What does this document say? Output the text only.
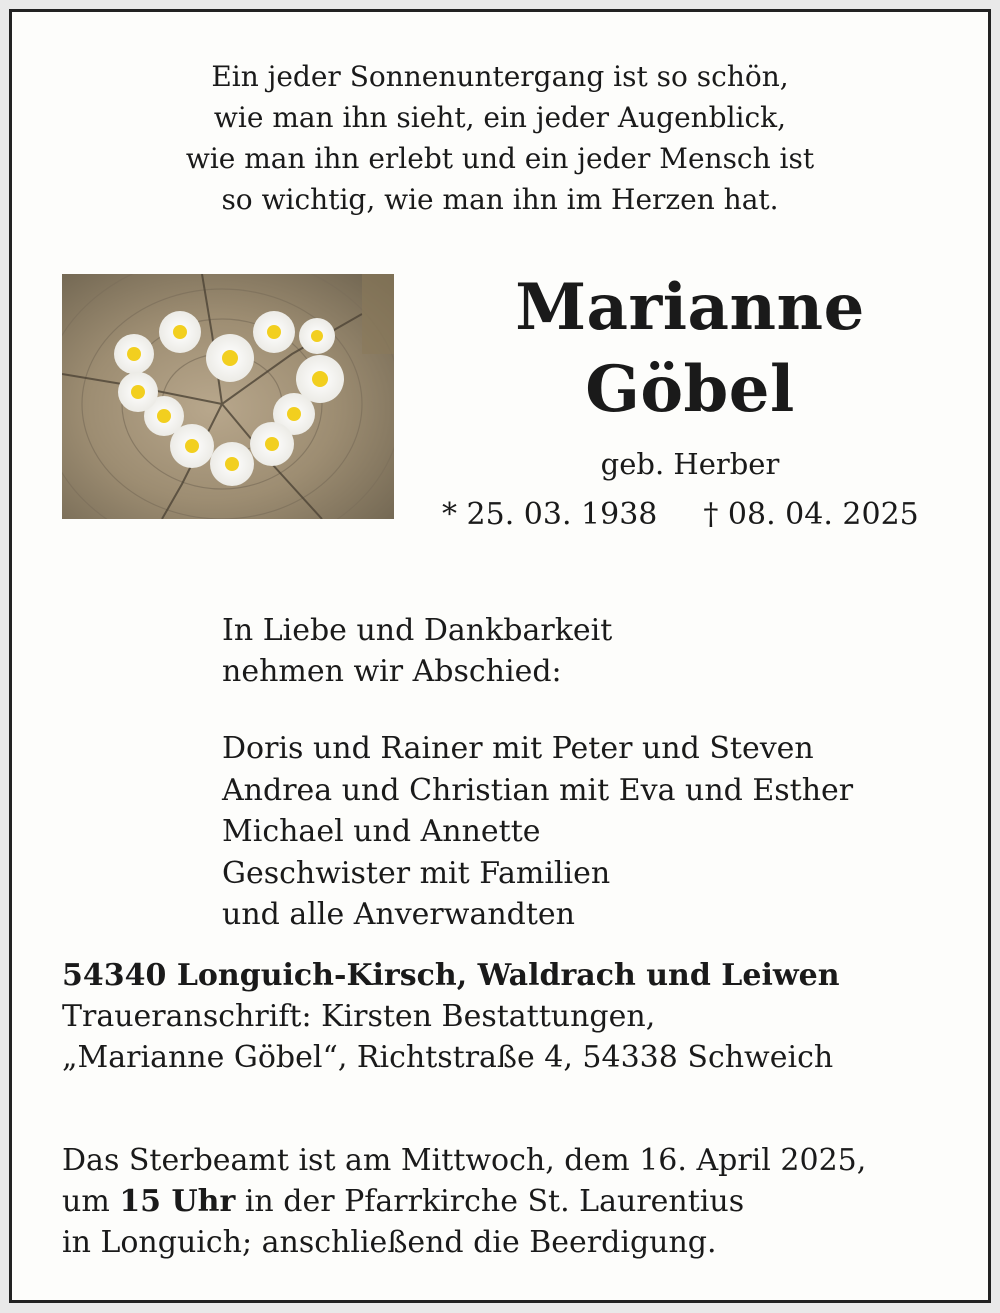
Ein jeder Sonnenuntergang ist so schön,
wie man ihn sieht, ein jeder Augenblick,
wie man ihn erlebt und ein jeder Mensch ist
so wichtig, wie man ihn im Herzen hat.
Marianne
Göbel
geb. Herber
* 25. 03. 1938 † 08. 04. 2025
In Liebe und Dankbarkeit
nehmen wir Abschied:
Doris und Rainer mit Peter und Steven
Andrea und Christian mit Eva und Esther
Michael und Annette
Geschwister mit Familien
und alle Anverwandten
54340 Longuich-Kirsch, Waldrach und Leiwen
Traueranschrift: Kirsten Bestattungen,
„Marianne Göbel“, Richtstraße 4, 54338 Schweich
Das Sterbeamt ist am Mittwoch, dem 16. April 2025,
um 15 Uhr in der Pfarrkirche St. Laurentius
in Longuich; anschließend die Beerdigung.
